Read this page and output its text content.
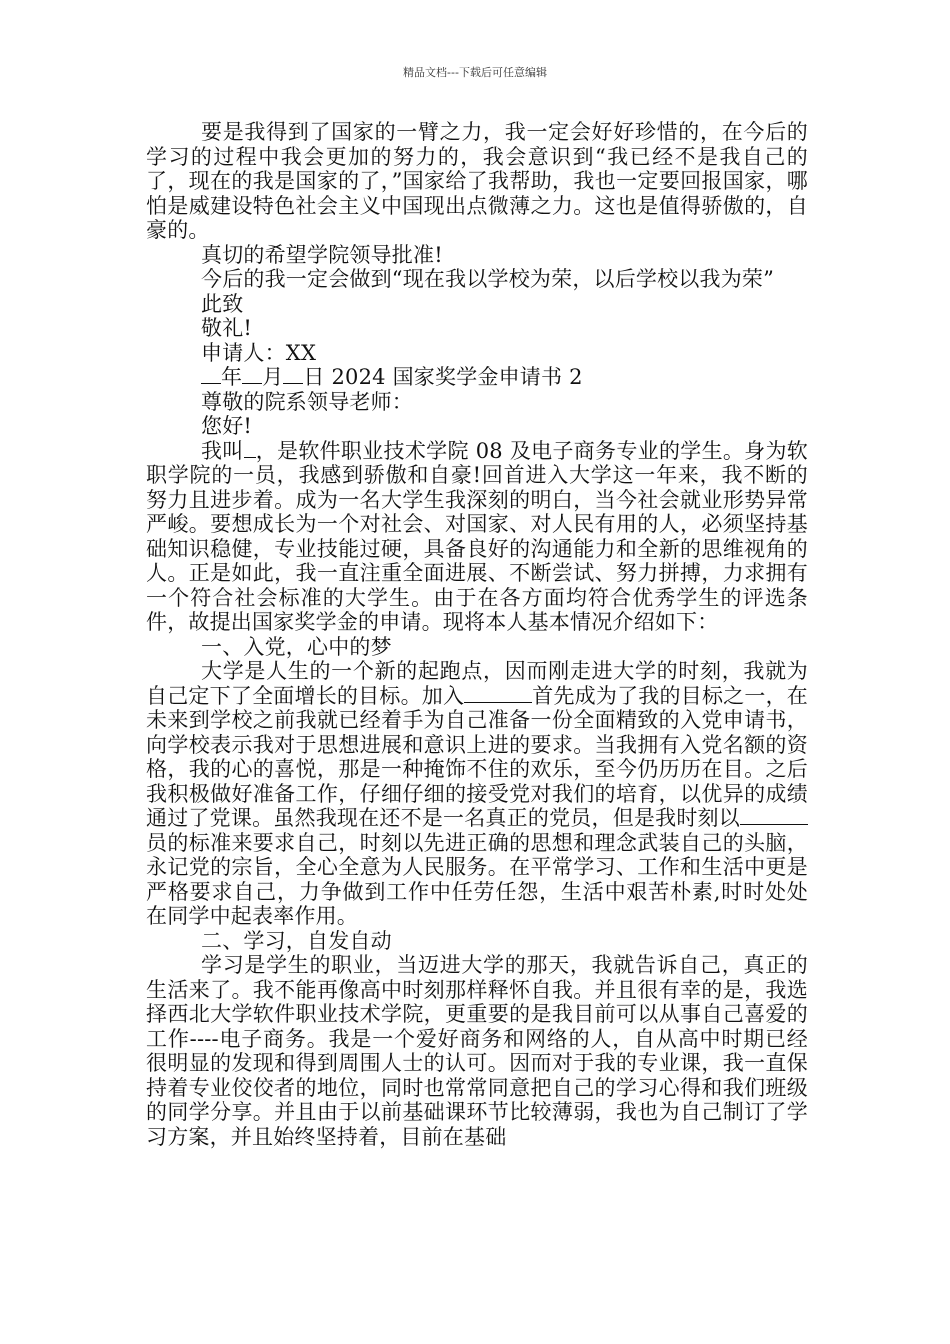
精品文档---下载后可任意编辑

要是我得到了国家的一臂之力，我一定会好好珍惜的，在今后的学习的过程中我会更加的努力的，我会意识到“我已经不是我自己的了，现在的我是国家的了，”国家给了我帮助，我也一定要回报国家，哪怕是威建设特色社会主义中国现出点微薄之力。这也是值得骄傲的，自豪的。

真切的希望学院领导批准!

今后的我一定会做到“现在我以学校为荣，以后学校以我为荣”

此致

敬礼!

申请人：XX

年 月 日 2024 国家奖学金申请书 2

尊敬的院系领导老师：

您好!

我叫 ，是软件职业技术学院 08 及电子商务专业的学生。身为软职学院的一员，我感到骄傲和自豪!回首进入大学这一年来，我不断的努力且进步着。成为一名大学生我深刻的明白，当今社会就业形势异常严峻。要想成长为一个对社会、对国家、对人民有用的人，必须坚持基础知识稳健，专业技能过硬，具备良好的沟通能力和全新的思维视角的人。正是如此，我一直注重全面进展、不断尝试、努力拼搏，力求拥有一个符合社会标准的大学生。由于在各方面均符合优秀学生的评选条件，故提出国家奖学金的申请。现将本人基本情况介绍如下：

一、入党，心中的梦

大学是人生的一个新的起跑点，因而刚走进大学的时刻，我就为自己定下了全面增长的目标。加入	首先成为了我的目标之一，在未来到学校之前我就已经着手为自己准备一份全面精致的入党申请书，向学校表示我对于思想进展和意识上进的要求。当我拥有入党名额的资格，我的心的喜悦，那是一种掩饰不住的欢乐，至今仍历历在目。之后我积极做好准备工作，仔细仔细的接受党对我们的培育，以优异的成绩通过了党课。虽然我现在还不是一名真正的党员，但是我时刻以员的标准来要求自己，时刻以先进正确的思想和理念武装自己的头脑，永记党的宗旨，全心全意为人民服务。在平常学习、工作和生活中更是严格要求自己，力争做到工作中任劳任怨，生活中艰苦朴素,时时处处在同学中起表率作用。

二、学习，自发自动

学习是学生的职业，当迈进大学的那天，我就告诉自己，真正的生活来了。我不能再像高中时刻那样释怀自我。并且很有幸的是，我选择西北大学软件职业技术学院，更重要的是我目前可以从事自己喜爱的工作----电子商务。我是一个爱好商务和网络的人，自从高中时期已经很明显的发现和得到周围人士的认可。因而对于我的专业课，我一直保持着专业佼佼者的地位，同时也常常同意把自己的学习心得和我们班级的同学分享。并且由于以前基础课环节比较薄弱，我也为自己制订了学习方案，并且始终坚持着，目前在基础
